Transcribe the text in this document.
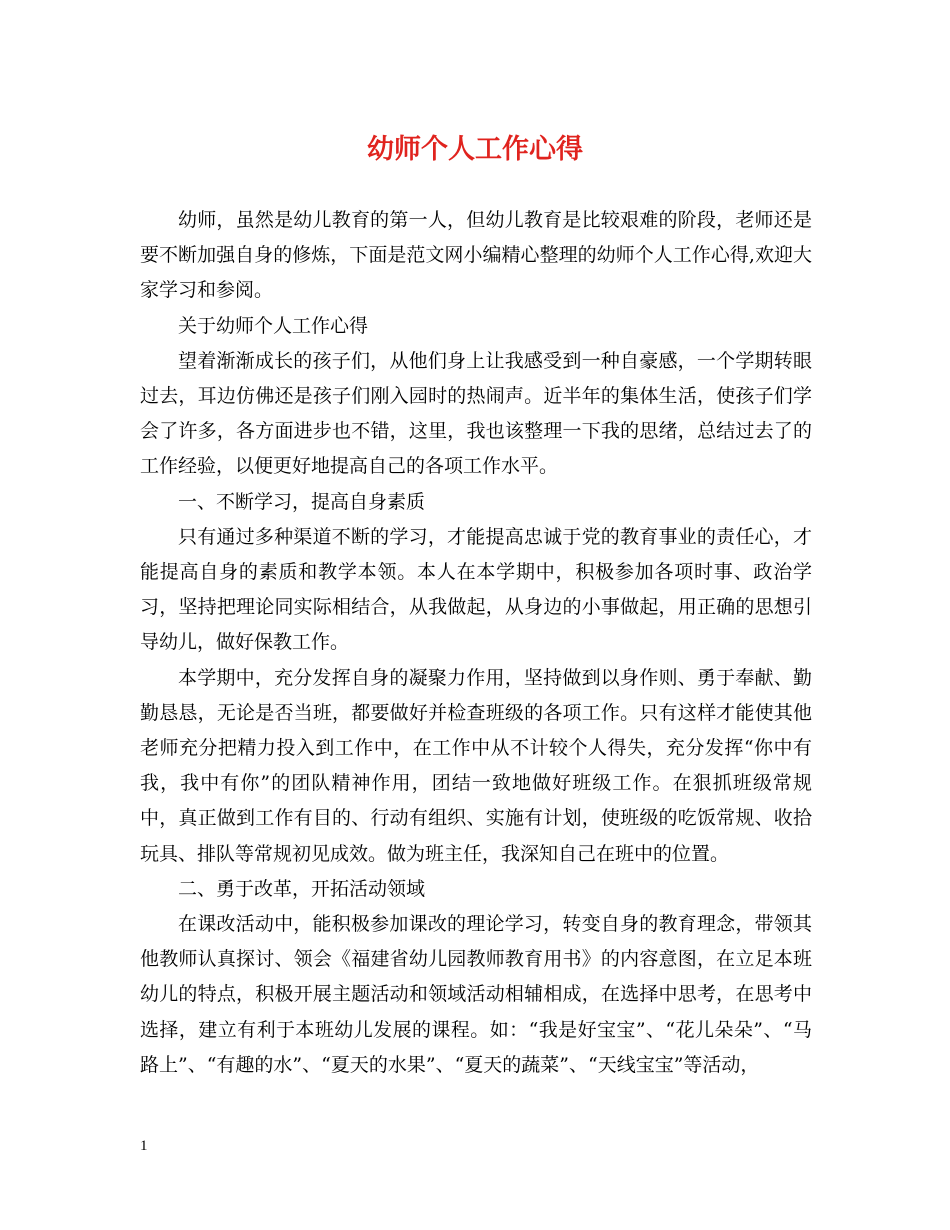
幼师个人工作心得

幼师，虽然是幼儿教育的第一人，但幼儿教育是比较艰难的阶段，老师还是要不断加强自身的修炼，下面是范文网小编精心整理的幼师个人工作心得,欢迎大家学习和参阅。

关于幼师个人工作心得

望着渐渐成长的孩子们，从他们身上让我感受到一种自豪感，一个学期转眼过去，耳边仿佛还是孩子们刚入园时的热闹声。近半年的集体生活，使孩子们学会了许多，各方面进步也不错，这里，我也该整理一下我的思绪，总结过去了的工作经验，以便更好地提高自己的各项工作水平。

一、不断学习，提高自身素质

只有通过多种渠道不断的学习，才能提高忠诚于党的教育事业的责任心，才能提高自身的素质和教学本领。本人在本学期中，积极参加各项时事、政治学习，坚持把理论同实际相结合，从我做起，从身边的小事做起，用正确的思想引导幼儿，做好保教工作。

本学期中，充分发挥自身的凝聚力作用，坚持做到以身作则、勇于奉献、勤勤恳恳，无论是否当班，都要做好并检查班级的各项工作。只有这样才能使其他老师充分把精力投入到工作中，在工作中从不计较个人得失，充分发挥“你中有我，我中有你”的团队精神作用，团结一致地做好班级工作。在狠抓班级常规中，真正做到工作有目的、行动有组织、实施有计划，使班级的吃饭常规、收拾玩具、排队等常规初见成效。做为班主任，我深知自己在班中的位置。

二、勇于改革，开拓活动领域

在课改活动中，能积极参加课改的理论学习，转变自身的教育理念，带领其他教师认真探讨、领会《福建省幼儿园教师教育用书》的内容意图，在立足本班幼儿的特点，积极开展主题活动和领域活动相辅相成，在选择中思考，在思考中选择，建立有利于本班幼儿发展的课程。如：“我是好宝宝”、“花儿朵朵”、“马路上”、“有趣的水”、“夏天的水果”、“夏天的蔬菜”、“天线宝宝”等活动，

1
